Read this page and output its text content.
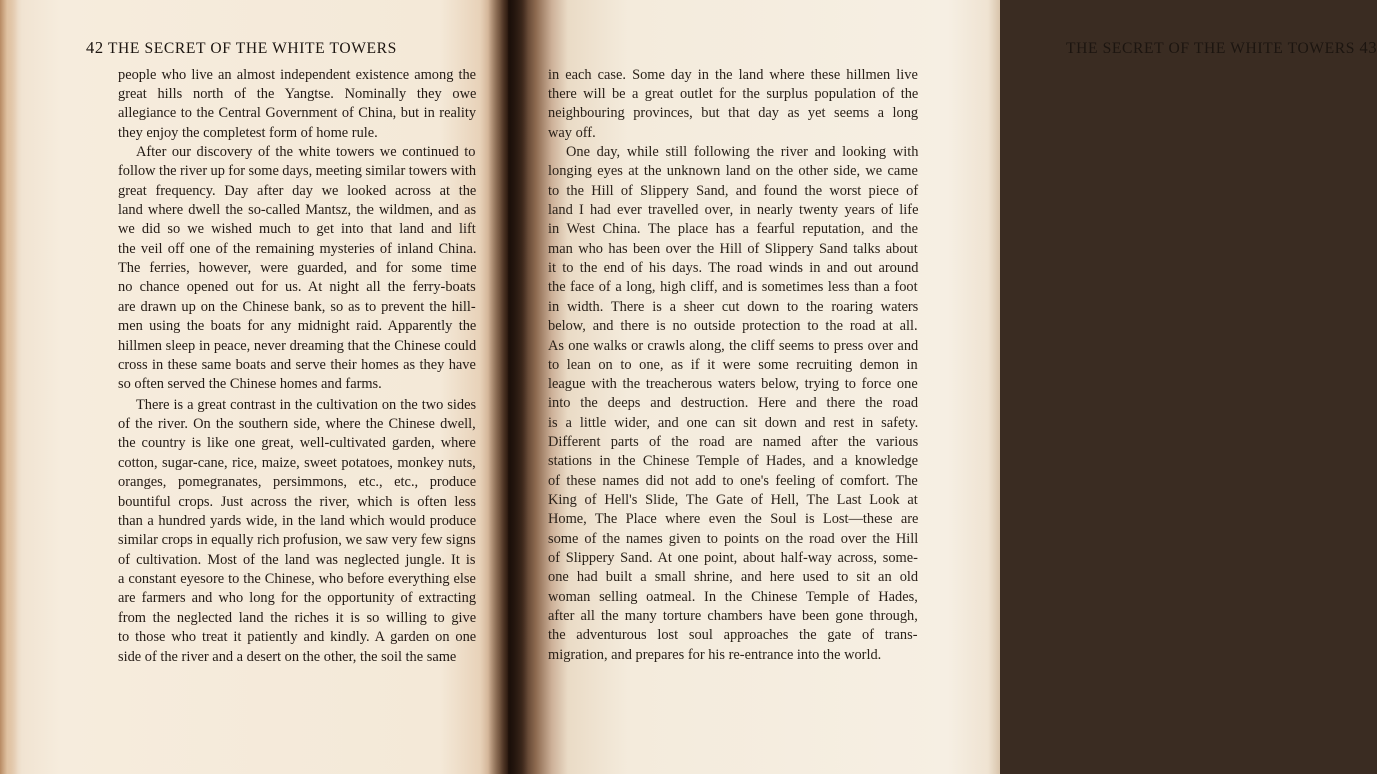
42 THE SECRET OF THE WHITE TOWERS
people who live an almost independent existence among the
great hills north of the Yangtse. Nominally they owe
allegiance to the Central Government of China, but in reality
they enjoy the completest form of home rule.
After our discovery of the white towers we continued to
follow the river up for some days, meeting similar towers with
great frequency. Day after day we looked across at the
land where dwell the so-called Mantsz, the wildmen, and as
we did so we wished much to get into that land and lift
the veil off one of the remaining mysteries of inland China.
The ferries, however, were guarded, and for some time
no chance opened out for us. At night all the ferry-boats
are drawn up on the Chinese bank, so as to prevent the hill-
men using the boats for any midnight raid. Apparently the
hillmen sleep in peace, never dreaming that the Chinese could
cross in these same boats and serve their homes as they have
so often served the Chinese homes and farms.
There is a great contrast in the cultivation on the two sides
of the river. On the southern side, where the Chinese dwell,
the country is like one great, well-cultivated garden, where
cotton, sugar-cane, rice, maize, sweet potatoes, monkey nuts,
oranges, pomegranates, persimmons, etc., etc., produce
bountiful crops. Just across the river, which is often less
than a hundred yards wide, in the land which would produce
similar crops in equally rich profusion, we saw very few signs
of cultivation. Most of the land was neglected jungle. It is
a constant eyesore to the Chinese, who before everything else
are farmers and who long for the opportunity of extracting
from the neglected land the riches it is so willing to give
to those who treat it patiently and kindly. A garden on one
side of the river and a desert on the other, the soil the same
THE SECRET OF THE WHITE TOWERS 43
in each case. Some day in the land where these hillmen live
there will be a great outlet for the surplus population of the
neighbouring provinces, but that day as yet seems a long
way off.
One day, while still following the river and looking with
longing eyes at the unknown land on the other side, we came
to the Hill of Slippery Sand, and found the worst piece of
land I had ever travelled over, in nearly twenty years of life
in West China. The place has a fearful reputation, and the
man who has been over the Hill of Slippery Sand talks about
it to the end of his days. The road winds in and out around
the face of a long, high cliff, and is sometimes less than a foot
in width. There is a sheer cut down to the roaring waters
below, and there is no outside protection to the road at all.
As one walks or crawls along, the cliff seems to press over and
to lean on to one, as if it were some recruiting demon in
league with the treacherous waters below, trying to force one
into the deeps and destruction. Here and there the road
is a little wider, and one can sit down and rest in safety.
Different parts of the road are named after the various
stations in the Chinese Temple of Hades, and a knowledge
of these names did not add to one's feeling of comfort. The
King of Hell's Slide, The Gate of Hell, The Last Look at
Home, The Place where even the Soul is Lost—these are
some of the names given to points on the road over the Hill
of Slippery Sand. At one point, about half-way across, some-
one had built a small shrine, and here used to sit an old
woman selling oatmeal. In the Chinese Temple of Hades,
after all the many torture chambers have been gone through,
the adventurous lost soul approaches the gate of trans-
migration, and prepares for his re-entrance into the world.
